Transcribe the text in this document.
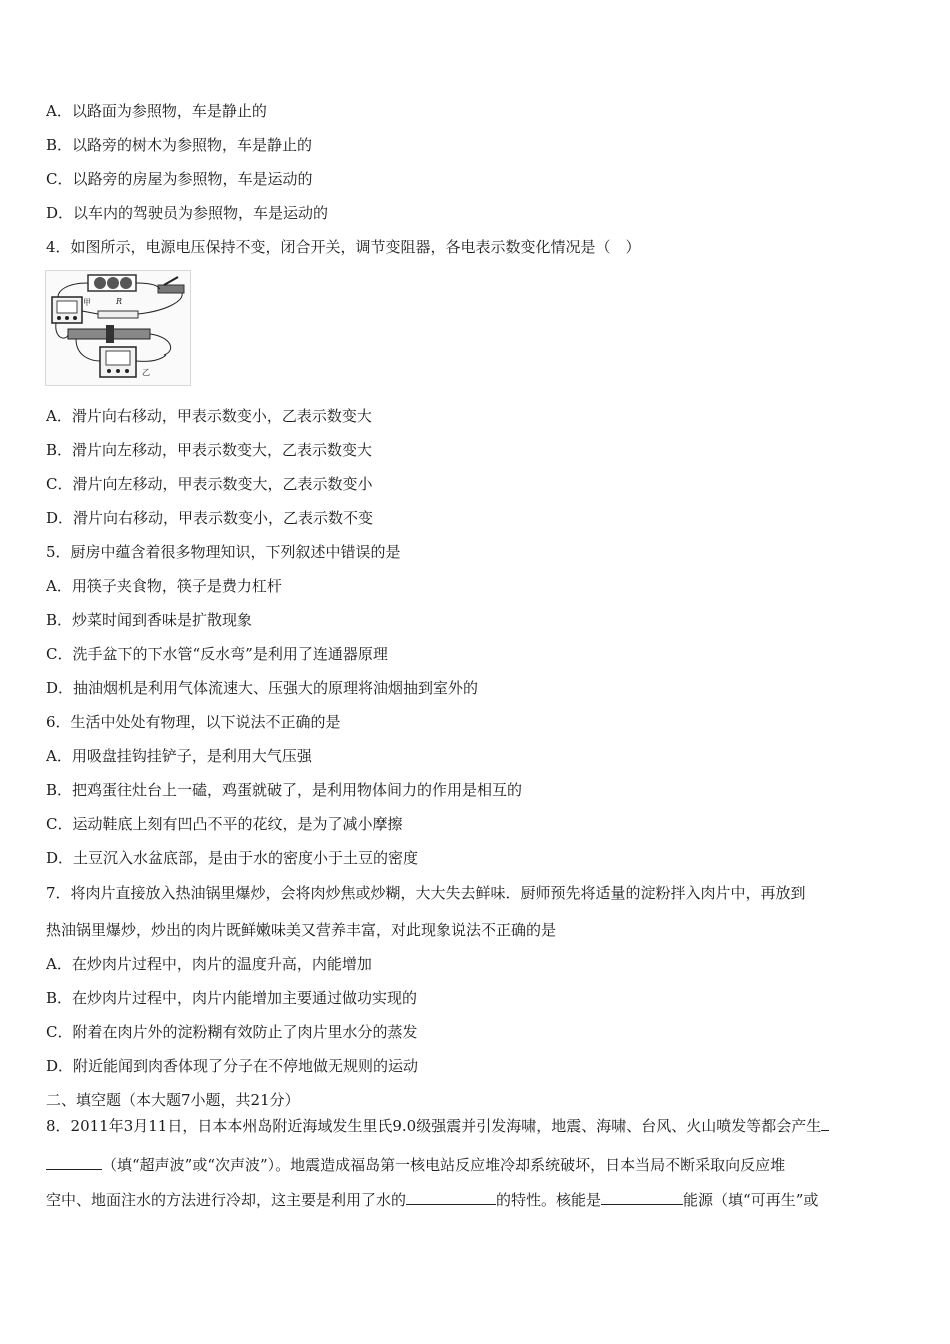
A．以路面为参照物，车是静止的
B．以路旁的树木为参照物，车是静止的
C．以路旁的房屋为参照物，车是运动的
D．以车内的驾驶员为参照物，车是运动的
4．如图所示，电源电压保持不变，闭合开关，调节变阻器，各电表示数变化情况是（　）
甲	R
乙
A．滑片向右移动，甲表示数变小，乙表示数变大
B．滑片向左移动，甲表示数变大，乙表示数变大
C．滑片向左移动，甲表示数变大，乙表示数变小
D．滑片向右移动，甲表示数变小，乙表示数不变
5．厨房中蕴含着很多物理知识，下列叙述中错误的是
A．用筷子夹食物，筷子是费力杠杆
B．炒菜时闻到香味是扩散现象
C．洗手盆下的下水管“反水弯”是利用了连通器原理
D．抽油烟机是利用气体流速大、压强大的原理将油烟抽到室外的
6．生活中处处有物理，以下说法不正确的是
A．用吸盘挂钩挂铲子，是利用大气压强
B．把鸡蛋往灶台上一磕，鸡蛋就破了，是利用物体间力的作用是相互的
C．运动鞋底上刻有凹凸不平的花纹，是为了减小摩擦
D．土豆沉入水盆底部，是由于水的密度小于土豆的密度
7．将肉片直接放入热油锅里爆炒，会将肉炒焦或炒糊，大大失去鲜味．厨师预先将适量的淀粉拌入肉片中，再放到
热油锅里爆炒，炒出的肉片既鲜嫩味美又营养丰富，对此现象说法不正确的是
A．在炒肉片过程中，肉片的温度升高，内能增加
B．在炒肉片过程中，肉片内能增加主要通过做功实现的
C．附着在肉片外的淀粉糊有效防止了肉片里水分的蒸发
D．附近能闻到肉香体现了分子在不停地做无规则的运动
二、填空题（本大题7小题，共21分）
8．2011年3月11日，日本本州岛附近海域发生里氏9.0级强震并引发海啸，地震、海啸、台风、火山喷发等都会产生
（填“超声波”或“次声波”）。地震造成福岛第一核电站反应堆冷却系统破坏，日本当局不断采取向反应堆
空中、地面注水的方法进行冷却，这主要是利用了水的	的特性。核能是	能源（填“可再生”或
